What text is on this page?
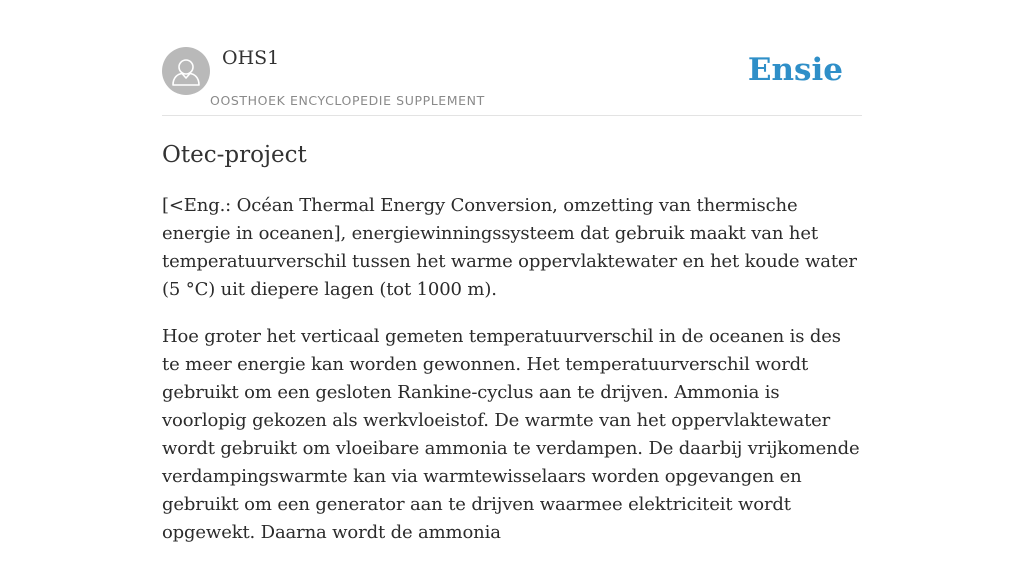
OHS1
OOSTHOEK ENCYCLOPEDIE SUPPLEMENT
Ensie
Otec-project

[<Eng.: Océan Thermal Energy Conversion, omzetting van thermische energie in oceanen], energiewinningssysteem dat gebruik maakt van het temperatuurverschil tussen het warme oppervlaktewater en het koude water (5 °C) uit diepere lagen (tot 1000 m).

Hoe groter het verticaal gemeten temperatuurverschil in de oceanen is des te meer energie kan worden gewonnen. Het temperatuurverschil wordt gebruikt om een gesloten Rankine-cyclus aan te drijven. Ammonia is voorlopig gekozen als werkvloeistof. De warmte van het oppervlaktewater wordt gebruikt om vloeibare ammonia te verdampen. De daarbij vrijkomende verdampingswarmte kan via warmtewisselaars worden opgevangen en gebruikt om een generator aan te drijven waarmee elektriciteit wordt opgewekt. Daarna wordt de ammonia
